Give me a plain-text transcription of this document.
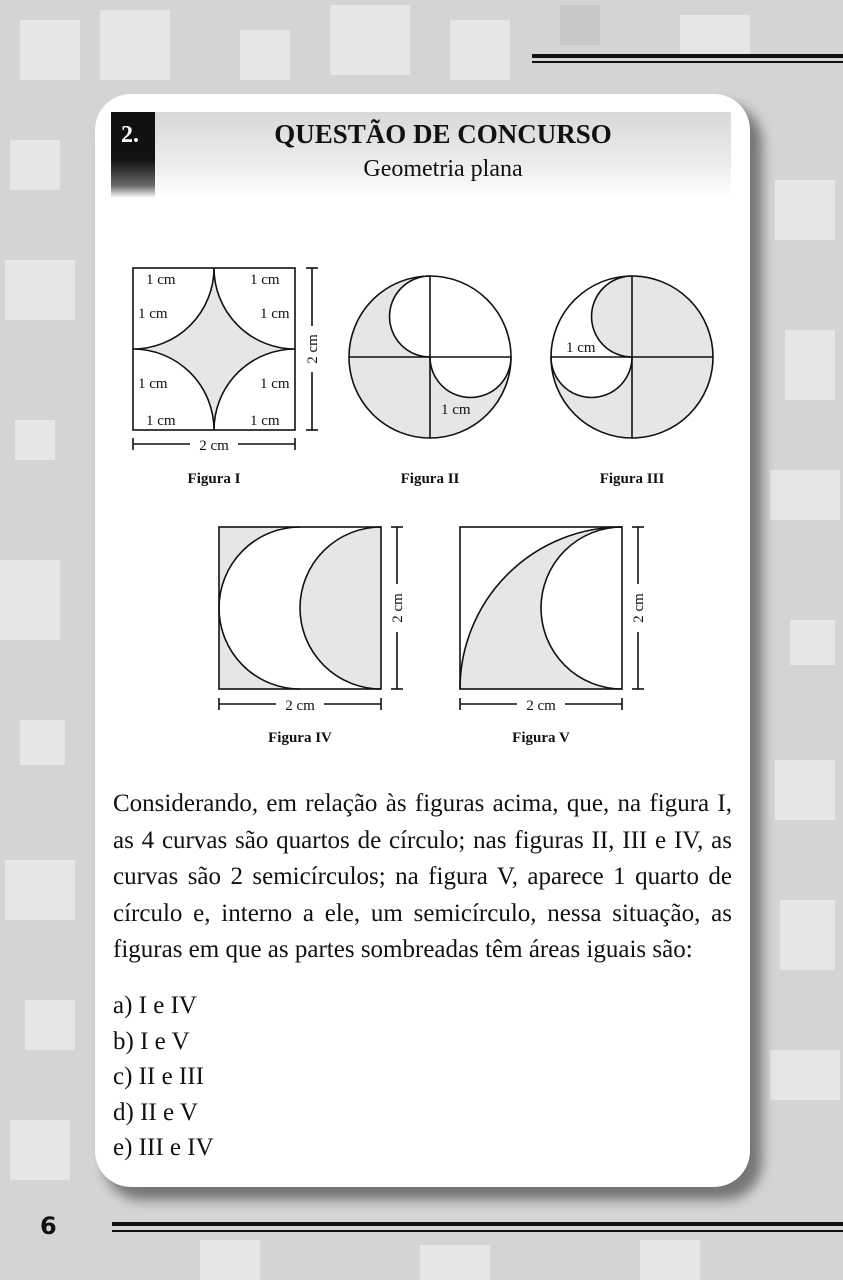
2.	QUESTÃO DE CONCURSO
Geometria plana
1 cm	1 cm
1 cm	1 cm
1 cm	1 cm
1 cm	1 cm
2 cm
2 cm
Figura I
1 cm
Figura II
1 cm
Figura III
2 cm
2 cm
Figura IV
2 cm
2 cm
Figura V

Considerando, em relação às figuras acima, que, na figura I, as 4 curvas são quartos de círculo; nas figuras II, III e IV, as curvas são 2 semicírculos; na figura V, aparece 1 quarto de círculo e, interno a ele, um semicírculo, nessa situação, as figuras em que as partes sombreadas têm áreas iguais são:

a) I e IV
b) I e V
c) II e III
d) II e V
e) III e IV
6
